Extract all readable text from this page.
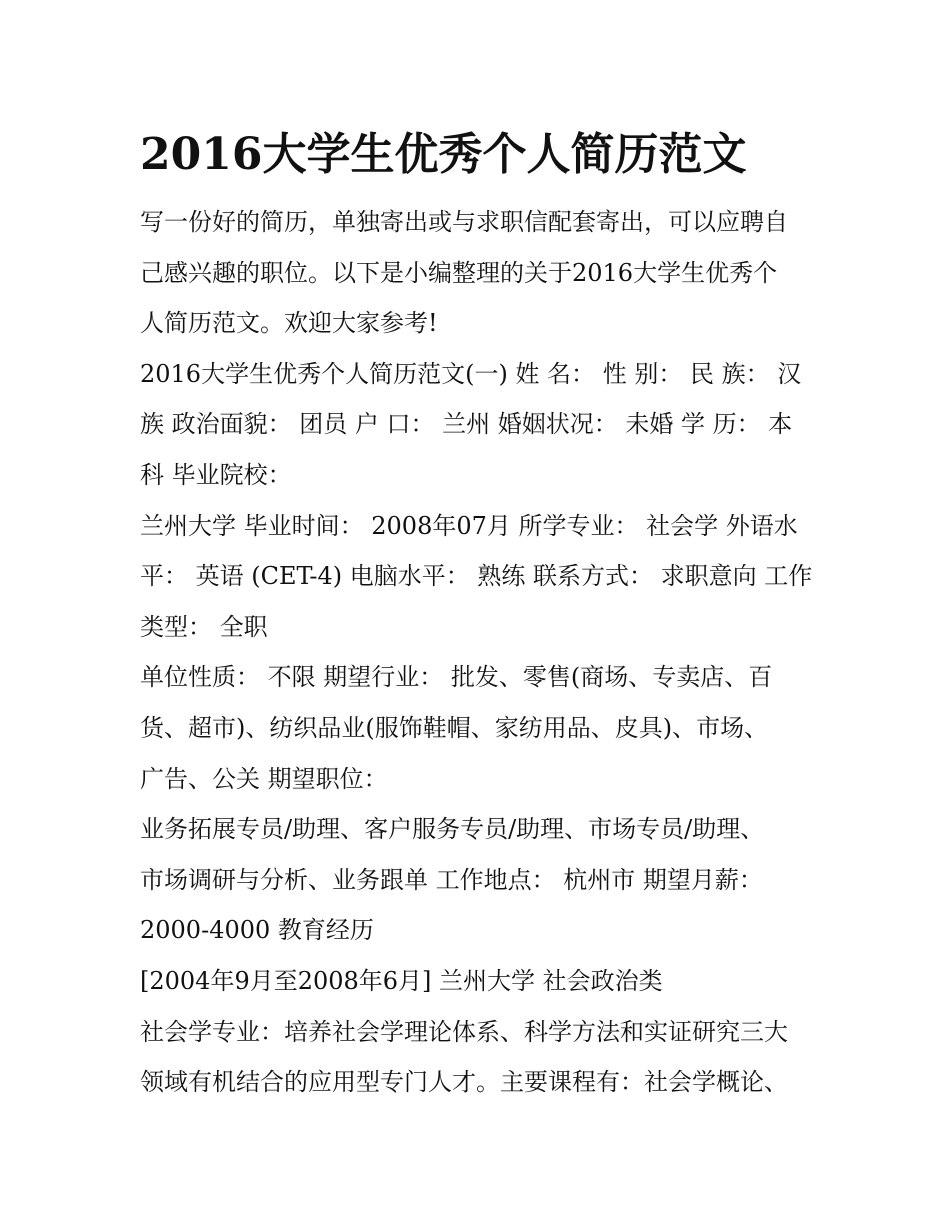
2016大学生优秀个人简历范文
写一份好的简历，单独寄出或与求职信配套寄出，可以应聘自
己感兴趣的职位。以下是小编整理的关于2016大学生优秀个
人简历范文。欢迎大家参考!
2016大学生优秀个人简历范文(一) 姓 名： 性 别： 民 族： 汉
族 政治面貌： 团员 户 口： 兰州 婚姻状况： 未婚 学 历： 本
科 毕业院校：
兰州大学 毕业时间： 2008年07月 所学专业： 社会学 外语水
平： 英语 (CET-4) 电脑水平： 熟练 联系方式： 求职意向 工作
类型： 全职
单位性质： 不限 期望行业： 批发、零售(商场、专卖店、百
货、超市)、纺织品业(服饰鞋帽、家纺用品、皮具)、市场、
广告、公关 期望职位：
业务拓展专员/助理、客户服务专员/助理、市场专员/助理、
市场调研与分析、业务跟单 工作地点： 杭州市 期望月薪：
2000-4000 教育经历
[2004年9月至2008年6月] 兰州大学 社会政治类
社会学专业：培养社会学理论体系、科学方法和实证研究三大
领域有机结合的应用型专门人才。主要课程有：社会学概论、
